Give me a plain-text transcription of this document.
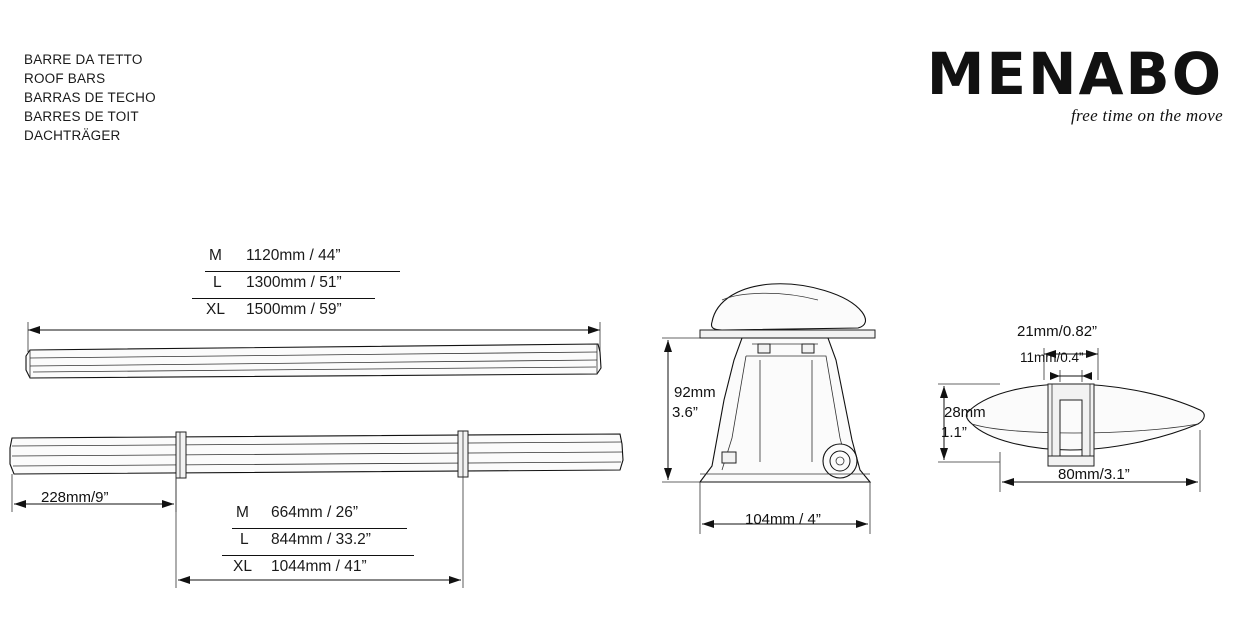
BARRE DA TETTO
ROOF BARS
BARRAS DE TECHO
BARRES DE TOIT
DACHTRÄGER
MENABO
free time on the move
M 1120mm / 44”
L 1300mm / 51”
XL 1500mm / 59”
228mm/9”
M 664mm / 26”
L 844mm / 33.2”
XL 1044mm / 41”
92mm
3.6”
104mm / 4”
21mm/0.82”
11mm/0.4”
28mm
1.1”
80mm/3.1”
